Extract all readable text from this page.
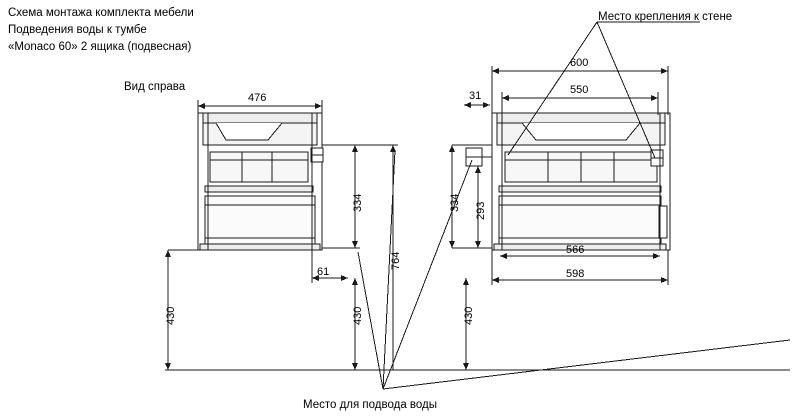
Схема монтажа комплекта мебели
Подведения воды к тумбе
«Monaco 60» 2 ящика (подвесная)
Вид справа
Место крепления к стене
Место для подвода воды
476
334
764
61
430	430
600
550
31
334 293
566
598
430
